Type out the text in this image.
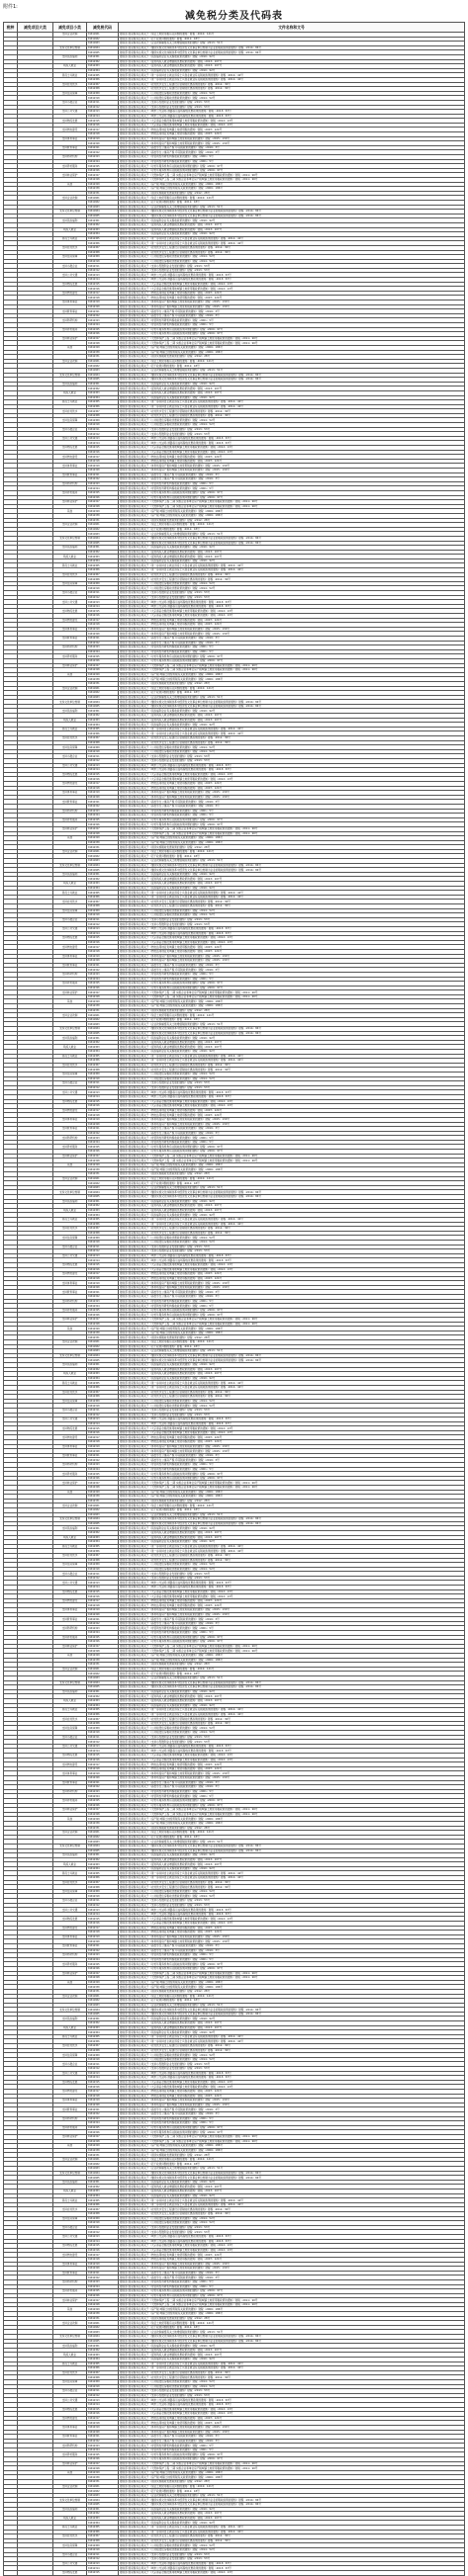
附件1:
减免税分类及代码表
税种	减免项目大类	减免项目小类	减免税代码	文件名称和文号
		支持企业改制	01011601	财政部 国家税务总局关于《免征土地使用税有关问题的通知》财税〔2010〕121号
			01011602	财政部 国家税务总局关于《若干政策问题的通知》财税〔2011〕43号
			01011603	财政部 国家税务总局关于《企业改制重组有关土地增值税政策的通知》财税〔2013〕51号
		支持文化单位转制	01011604	财政部 国家税务总局关于《继续实施文化体制改革中经营性文化事业单位转制为企业的税收政策的通知》财税〔2014〕84号
			01011605	财政部 国家税务总局关于《继续实施文化体制改革中经营性文化事业单位转制为企业的税收政策的通知》财税〔2014〕84号
		支持民政福利	01012301	财政部 国家税务总局关于《民政福利企业有关税收政策的通知》财税〔2010〕92号
			01012302	财政部 国家税务总局关于《促进残疾人就业增值税优惠政策的通知》财税〔2013〕107号
		残疾人就业	01012303	财政部 国家税务总局关于《促进残疾人就业增值税优惠政策的通知》财税〔2013〕107号
			01012304	财政部 国家税务总局关于《民政福利企业有关税收政策的通知》财税〔2010〕92号
		退役士兵就业	01012305	财政部 国家税务总局关于《进一步扶持自主就业退役士兵创业就业有关税收政策的通知》财税〔2014〕42号
			01012306	财政部 国家税务总局关于《进一步扶持自主就业退役士兵创业就业有关税收政策的通知》财税〔2014〕42号
		支持农村饮水	01012307	财政部 国家税务总局关于《农村饮水安全工程建设运营税收优惠政策的通知》财税〔2012〕30号
			01012308	财政部 国家税务总局关于《农村饮水安全工程建设运营税收优惠政策的通知》财税〔2012〕30号
		支持住房保障	01012309	财政部 国家税务总局关于《公共租赁住房税收优惠政策的通知》财税〔2014〕52号
			01012310	财政部 国家税务总局关于《公共租赁住房税收优惠政策的通知》财税〔2014〕52号
		支持小微企业	01012311	财政部 国家税务总局关于《支持小型微利企业发展的通知》财税〔2013〕53号
			01012312	财政部 国家税务总局关于《支持小型微利企业发展的通知》财税〔2013〕53号
		支持公共交通	01012313	财政部 国家税务总局关于《城市公交站场 道路客运站场税收优惠政策的通知》财税〔2013〕67号
			01012314	财政部 国家税务总局关于《城市公交站场 道路客运站场税收优惠政策的通知》财税〔2013〕67号
		支持物流发展	01012315	财政部 国家税务总局关于《大宗商品仓储设施用地城镇土地使用税政策的通知》财税〔2012〕13号
			01012316	财政部 国家税务总局关于《大宗商品仓储设施用地城镇土地使用税政策的通知》财税〔2012〕13号
		支持核电建设	01012317	财政部 国家税务总局关于《核电站用地征免城镇土地使用税的通知》财税〔2007〕124号
			01012318	财政部 国家税务总局关于《核电站用地征免城镇土地使用税的通知》财税〔2007〕124号
		支持体育事业	01012319	财政部 国家税务总局关于《体育场馆房产税和城镇土地使用税政策的通知》财税〔2015〕130号
			01012320	财政部 国家税务总局关于《体育场馆房产税和城镇土地使用税政策的通知》财税〔2015〕130号
		支持教育事业	01012321	财政部 国家税务总局关于《高校学生公寓房产税 印花税政策的通知》财税〔2016〕3号
			01012322	财政部 国家税务总局关于《高校学生公寓房产税 印花税政策的通知》财税〔2016〕3号
		支持科研机构	01012323	财政部 国家税务总局关于《非营利性科研机构税收政策的通知》财税〔2001〕5号
			01012324	财政部 国家税务总局关于《非营利性科研机构税收政策的通知》财税〔2001〕5号
		支持养老服务	01012325	财政部 国家税务总局关于《对老年服务机构有关税收政策问题的通知》财税〔2000〕97号
			01012326	财政部 国家税务总局关于《对老年服务机构有关税收政策问题的通知》财税〔2000〕97号
		支持林业保护	01012327	财政部 国家税务总局关于《天然林保护工程 二期 实施企业和单位房产税城镇土地使用税政策的通知》财税〔2011〕90号
			01012328	财政部 国家税务总局关于《天然林保护工程 二期 实施企业和单位房产税城镇土地使用税政策的通知》财税〔2011〕90号
		其他	01012329	财政部 国家税务总局关于《房产税 城镇土地使用税有关政策的通知》财税〔2006〕186号
			01012330	财政部 国家税务总局关于《房产税 城镇土地使用税有关政策的通知》财税〔2006〕186号
			01012331	财政部 国家税务总局关于《延续实施税收优惠政策的通知》财税〔2012〕28号
		支持企业改制	01011601	财政部 国家税务总局关于《免征土地使用税有关问题的通知》财税〔2010〕121号
			01011602	财政部 国家税务总局关于《若干政策问题的通知》财税〔2011〕43号
			01011603	财政部 国家税务总局关于《企业改制重组有关土地增值税政策的通知》财税〔2013〕51号
		支持文化单位转制	01011604	财政部 国家税务总局关于《继续实施文化体制改革中经营性文化事业单位转制为企业的税收政策的通知》财税〔2014〕84号
			01011605	财政部 国家税务总局关于《继续实施文化体制改革中经营性文化事业单位转制为企业的税收政策的通知》财税〔2014〕84号
		支持民政福利	01012301	财政部 国家税务总局关于《民政福利企业有关税收政策的通知》财税〔2010〕92号
			01012302	财政部 国家税务总局关于《促进残疾人就业增值税优惠政策的通知》财税〔2013〕107号
		残疾人就业	01012303	财政部 国家税务总局关于《促进残疾人就业增值税优惠政策的通知》财税〔2013〕107号
			01012304	财政部 国家税务总局关于《民政福利企业有关税收政策的通知》财税〔2010〕92号
		退役士兵就业	01012305	财政部 国家税务总局关于《进一步扶持自主就业退役士兵创业就业有关税收政策的通知》财税〔2014〕42号
			01012306	财政部 国家税务总局关于《进一步扶持自主就业退役士兵创业就业有关税收政策的通知》财税〔2014〕42号
		支持农村饮水	01012307	财政部 国家税务总局关于《农村饮水安全工程建设运营税收优惠政策的通知》财税〔2012〕30号
			01012308	财政部 国家税务总局关于《农村饮水安全工程建设运营税收优惠政策的通知》财税〔2012〕30号
		支持住房保障	01012309	财政部 国家税务总局关于《公共租赁住房税收优惠政策的通知》财税〔2014〕52号
			01012310	财政部 国家税务总局关于《公共租赁住房税收优惠政策的通知》财税〔2014〕52号
		支持小微企业	01012311	财政部 国家税务总局关于《支持小型微利企业发展的通知》财税〔2013〕53号
			01012312	财政部 国家税务总局关于《支持小型微利企业发展的通知》财税〔2013〕53号
		支持公共交通	01012313	财政部 国家税务总局关于《城市公交站场 道路客运站场税收优惠政策的通知》财税〔2013〕67号
			01012314	财政部 国家税务总局关于《城市公交站场 道路客运站场税收优惠政策的通知》财税〔2013〕67号
		支持物流发展	01012315	财政部 国家税务总局关于《大宗商品仓储设施用地城镇土地使用税政策的通知》财税〔2012〕13号
			01012316	财政部 国家税务总局关于《大宗商品仓储设施用地城镇土地使用税政策的通知》财税〔2012〕13号
		支持核电建设	01012317	财政部 国家税务总局关于《核电站用地征免城镇土地使用税的通知》财税〔2007〕124号
			01012318	财政部 国家税务总局关于《核电站用地征免城镇土地使用税的通知》财税〔2007〕124号
		支持体育事业	01012319	财政部 国家税务总局关于《体育场馆房产税和城镇土地使用税政策的通知》财税〔2015〕130号
			01012320	财政部 国家税务总局关于《体育场馆房产税和城镇土地使用税政策的通知》财税〔2015〕130号
		支持教育事业	01012321	财政部 国家税务总局关于《高校学生公寓房产税 印花税政策的通知》财税〔2016〕3号
			01012322	财政部 国家税务总局关于《高校学生公寓房产税 印花税政策的通知》财税〔2016〕3号
		支持科研机构	01012323	财政部 国家税务总局关于《非营利性科研机构税收政策的通知》财税〔2001〕5号
			01012324	财政部 国家税务总局关于《非营利性科研机构税收政策的通知》财税〔2001〕5号
		支持养老服务	01012325	财政部 国家税务总局关于《对老年服务机构有关税收政策问题的通知》财税〔2000〕97号
			01012326	财政部 国家税务总局关于《对老年服务机构有关税收政策问题的通知》财税〔2000〕97号
		支持林业保护	01012327	财政部 国家税务总局关于《天然林保护工程 二期 实施企业和单位房产税城镇土地使用税政策的通知》财税〔2011〕90号
			01012328	财政部 国家税务总局关于《天然林保护工程 二期 实施企业和单位房产税城镇土地使用税政策的通知》财税〔2011〕90号
		其他	01012329	财政部 国家税务总局关于《房产税 城镇土地使用税有关政策的通知》财税〔2006〕186号
			01012330	财政部 国家税务总局关于《房产税 城镇土地使用税有关政策的通知》财税〔2006〕186号
			01012331	财政部 国家税务总局关于《延续实施税收优惠政策的通知》财税〔2012〕28号
		支持企业改制	01011601	财政部 国家税务总局关于《免征土地使用税有关问题的通知》财税〔2010〕121号
			01011602	财政部 国家税务总局关于《若干政策问题的通知》财税〔2011〕43号
			01011603	财政部 国家税务总局关于《企业改制重组有关土地增值税政策的通知》财税〔2013〕51号
		支持文化单位转制	01011604	财政部 国家税务总局关于《继续实施文化体制改革中经营性文化事业单位转制为企业的税收政策的通知》财税〔2014〕84号
			01011605	财政部 国家税务总局关于《继续实施文化体制改革中经营性文化事业单位转制为企业的税收政策的通知》财税〔2014〕84号
		支持民政福利	01012301	财政部 国家税务总局关于《民政福利企业有关税收政策的通知》财税〔2010〕92号
			01012302	财政部 国家税务总局关于《促进残疾人就业增值税优惠政策的通知》财税〔2013〕107号
		残疾人就业	01012303	财政部 国家税务总局关于《促进残疾人就业增值税优惠政策的通知》财税〔2013〕107号
			01012304	财政部 国家税务总局关于《民政福利企业有关税收政策的通知》财税〔2010〕92号
		退役士兵就业	01012305	财政部 国家税务总局关于《进一步扶持自主就业退役士兵创业就业有关税收政策的通知》财税〔2014〕42号
			01012306	财政部 国家税务总局关于《进一步扶持自主就业退役士兵创业就业有关税收政策的通知》财税〔2014〕42号
		支持农村饮水	01012307	财政部 国家税务总局关于《农村饮水安全工程建设运营税收优惠政策的通知》财税〔2012〕30号
			01012308	财政部 国家税务总局关于《农村饮水安全工程建设运营税收优惠政策的通知》财税〔2012〕30号
		支持住房保障	01012309	财政部 国家税务总局关于《公共租赁住房税收优惠政策的通知》财税〔2014〕52号
			01012310	财政部 国家税务总局关于《公共租赁住房税收优惠政策的通知》财税〔2014〕52号
		支持小微企业	01012311	财政部 国家税务总局关于《支持小型微利企业发展的通知》财税〔2013〕53号
			01012312	财政部 国家税务总局关于《支持小型微利企业发展的通知》财税〔2013〕53号
		支持公共交通	01012313	财政部 国家税务总局关于《城市公交站场 道路客运站场税收优惠政策的通知》财税〔2013〕67号
			01012314	财政部 国家税务总局关于《城市公交站场 道路客运站场税收优惠政策的通知》财税〔2013〕67号
		支持物流发展	01012315	财政部 国家税务总局关于《大宗商品仓储设施用地城镇土地使用税政策的通知》财税〔2012〕13号
			01012316	财政部 国家税务总局关于《大宗商品仓储设施用地城镇土地使用税政策的通知》财税〔2012〕13号
		支持核电建设	01012317	财政部 国家税务总局关于《核电站用地征免城镇土地使用税的通知》财税〔2007〕124号
			01012318	财政部 国家税务总局关于《核电站用地征免城镇土地使用税的通知》财税〔2007〕124号
		支持体育事业	01012319	财政部 国家税务总局关于《体育场馆房产税和城镇土地使用税政策的通知》财税〔2015〕130号
			01012320	财政部 国家税务总局关于《体育场馆房产税和城镇土地使用税政策的通知》财税〔2015〕130号
		支持教育事业	01012321	财政部 国家税务总局关于《高校学生公寓房产税 印花税政策的通知》财税〔2016〕3号
			01012322	财政部 国家税务总局关于《高校学生公寓房产税 印花税政策的通知》财税〔2016〕3号
		支持科研机构	01012323	财政部 国家税务总局关于《非营利性科研机构税收政策的通知》财税〔2001〕5号
			01012324	财政部 国家税务总局关于《非营利性科研机构税收政策的通知》财税〔2001〕5号
		支持养老服务	01012325	财政部 国家税务总局关于《对老年服务机构有关税收政策问题的通知》财税〔2000〕97号
			01012326	财政部 国家税务总局关于《对老年服务机构有关税收政策问题的通知》财税〔2000〕97号
		支持林业保护	01012327	财政部 国家税务总局关于《天然林保护工程 二期 实施企业和单位房产税城镇土地使用税政策的通知》财税〔2011〕90号
			01012328	财政部 国家税务总局关于《天然林保护工程 二期 实施企业和单位房产税城镇土地使用税政策的通知》财税〔2011〕90号
		其他	01012329	财政部 国家税务总局关于《房产税 城镇土地使用税有关政策的通知》财税〔2006〕186号
			01012330	财政部 国家税务总局关于《房产税 城镇土地使用税有关政策的通知》财税〔2006〕186号
			01012331	财政部 国家税务总局关于《延续实施税收优惠政策的通知》财税〔2012〕28号
		支持企业改制	01011601	财政部 国家税务总局关于《免征土地使用税有关问题的通知》财税〔2010〕121号
			01011602	财政部 国家税务总局关于《若干政策问题的通知》财税〔2011〕43号
			01011603	财政部 国家税务总局关于《企业改制重组有关土地增值税政策的通知》财税〔2013〕51号
		支持文化单位转制	01011604	财政部 国家税务总局关于《继续实施文化体制改革中经营性文化事业单位转制为企业的税收政策的通知》财税〔2014〕84号
			01011605	财政部 国家税务总局关于《继续实施文化体制改革中经营性文化事业单位转制为企业的税收政策的通知》财税〔2014〕84号
		支持民政福利	01012301	财政部 国家税务总局关于《民政福利企业有关税收政策的通知》财税〔2010〕92号
			01012302	财政部 国家税务总局关于《促进残疾人就业增值税优惠政策的通知》财税〔2013〕107号
		残疾人就业	01012303	财政部 国家税务总局关于《促进残疾人就业增值税优惠政策的通知》财税〔2013〕107号
			01012304	财政部 国家税务总局关于《民政福利企业有关税收政策的通知》财税〔2010〕92号
		退役士兵就业	01012305	财政部 国家税务总局关于《进一步扶持自主就业退役士兵创业就业有关税收政策的通知》财税〔2014〕42号
			01012306	财政部 国家税务总局关于《进一步扶持自主就业退役士兵创业就业有关税收政策的通知》财税〔2014〕42号
		支持农村饮水	01012307	财政部 国家税务总局关于《农村饮水安全工程建设运营税收优惠政策的通知》财税〔2012〕30号
			01012308	财政部 国家税务总局关于《农村饮水安全工程建设运营税收优惠政策的通知》财税〔2012〕30号
		支持住房保障	01012309	财政部 国家税务总局关于《公共租赁住房税收优惠政策的通知》财税〔2014〕52号
			01012310	财政部 国家税务总局关于《公共租赁住房税收优惠政策的通知》财税〔2014〕52号
		支持小微企业	01012311	财政部 国家税务总局关于《支持小型微利企业发展的通知》财税〔2013〕53号
			01012312	财政部 国家税务总局关于《支持小型微利企业发展的通知》财税〔2013〕53号
		支持公共交通	01012313	财政部 国家税务总局关于《城市公交站场 道路客运站场税收优惠政策的通知》财税〔2013〕67号
			01012314	财政部 国家税务总局关于《城市公交站场 道路客运站场税收优惠政策的通知》财税〔2013〕67号
		支持物流发展	01012315	财政部 国家税务总局关于《大宗商品仓储设施用地城镇土地使用税政策的通知》财税〔2012〕13号
			01012316	财政部 国家税务总局关于《大宗商品仓储设施用地城镇土地使用税政策的通知》财税〔2012〕13号
		支持核电建设	01012317	财政部 国家税务总局关于《核电站用地征免城镇土地使用税的通知》财税〔2007〕124号
			01012318	财政部 国家税务总局关于《核电站用地征免城镇土地使用税的通知》财税〔2007〕124号
		支持体育事业	01012319	财政部 国家税务总局关于《体育场馆房产税和城镇土地使用税政策的通知》财税〔2015〕130号
			01012320	财政部 国家税务总局关于《体育场馆房产税和城镇土地使用税政策的通知》财税〔2015〕130号
		支持教育事业	01012321	财政部 国家税务总局关于《高校学生公寓房产税 印花税政策的通知》财税〔2016〕3号
			01012322	财政部 国家税务总局关于《高校学生公寓房产税 印花税政策的通知》财税〔2016〕3号
		支持科研机构	01012323	财政部 国家税务总局关于《非营利性科研机构税收政策的通知》财税〔2001〕5号
			01012324	财政部 国家税务总局关于《非营利性科研机构税收政策的通知》财税〔2001〕5号
		支持养老服务	01012325	财政部 国家税务总局关于《对老年服务机构有关税收政策问题的通知》财税〔2000〕97号
			01012326	财政部 国家税务总局关于《对老年服务机构有关税收政策问题的通知》财税〔2000〕97号
		支持林业保护	01012327	财政部 国家税务总局关于《天然林保护工程 二期 实施企业和单位房产税城镇土地使用税政策的通知》财税〔2011〕90号
			01012328	财政部 国家税务总局关于《天然林保护工程 二期 实施企业和单位房产税城镇土地使用税政策的通知》财税〔2011〕90号
		其他	01012329	财政部 国家税务总局关于《房产税 城镇土地使用税有关政策的通知》财税〔2006〕186号
			01012330	财政部 国家税务总局关于《房产税 城镇土地使用税有关政策的通知》财税〔2006〕186号
			01012331	财政部 国家税务总局关于《延续实施税收优惠政策的通知》财税〔2012〕28号
		支持企业改制	01011601	财政部 国家税务总局关于《免征土地使用税有关问题的通知》财税〔2010〕121号
			01011602	财政部 国家税务总局关于《若干政策问题的通知》财税〔2011〕43号
			01011603	财政部 国家税务总局关于《企业改制重组有关土地增值税政策的通知》财税〔2013〕51号
		支持文化单位转制	01011604	财政部 国家税务总局关于《继续实施文化体制改革中经营性文化事业单位转制为企业的税收政策的通知》财税〔2014〕84号
			01011605	财政部 国家税务总局关于《继续实施文化体制改革中经营性文化事业单位转制为企业的税收政策的通知》财税〔2014〕84号
		支持民政福利	01012301	财政部 国家税务总局关于《民政福利企业有关税收政策的通知》财税〔2010〕92号
			01012302	财政部 国家税务总局关于《促进残疾人就业增值税优惠政策的通知》财税〔2013〕107号
		残疾人就业	01012303	财政部 国家税务总局关于《促进残疾人就业增值税优惠政策的通知》财税〔2013〕107号
			01012304	财政部 国家税务总局关于《民政福利企业有关税收政策的通知》财税〔2010〕92号
		退役士兵就业	01012305	财政部 国家税务总局关于《进一步扶持自主就业退役士兵创业就业有关税收政策的通知》财税〔2014〕42号
			01012306	财政部 国家税务总局关于《进一步扶持自主就业退役士兵创业就业有关税收政策的通知》财税〔2014〕42号
		支持农村饮水	01012307	财政部 国家税务总局关于《农村饮水安全工程建设运营税收优惠政策的通知》财税〔2012〕30号
			01012308	财政部 国家税务总局关于《农村饮水安全工程建设运营税收优惠政策的通知》财税〔2012〕30号
		支持住房保障	01012309	财政部 国家税务总局关于《公共租赁住房税收优惠政策的通知》财税〔2014〕52号
			01012310	财政部 国家税务总局关于《公共租赁住房税收优惠政策的通知》财税〔2014〕52号
		支持小微企业	01012311	财政部 国家税务总局关于《支持小型微利企业发展的通知》财税〔2013〕53号
			01012312	财政部 国家税务总局关于《支持小型微利企业发展的通知》财税〔2013〕53号
		支持公共交通	01012313	财政部 国家税务总局关于《城市公交站场 道路客运站场税收优惠政策的通知》财税〔2013〕67号
			01012314	财政部 国家税务总局关于《城市公交站场 道路客运站场税收优惠政策的通知》财税〔2013〕67号
		支持物流发展	01012315	财政部 国家税务总局关于《大宗商品仓储设施用地城镇土地使用税政策的通知》财税〔2012〕13号
			01012316	财政部 国家税务总局关于《大宗商品仓储设施用地城镇土地使用税政策的通知》财税〔2012〕13号
		支持核电建设	01012317	财政部 国家税务总局关于《核电站用地征免城镇土地使用税的通知》财税〔2007〕124号
			01012318	财政部 国家税务总局关于《核电站用地征免城镇土地使用税的通知》财税〔2007〕124号
		支持体育事业	01012319	财政部 国家税务总局关于《体育场馆房产税和城镇土地使用税政策的通知》财税〔2015〕130号
			01012320	财政部 国家税务总局关于《体育场馆房产税和城镇土地使用税政策的通知》财税〔2015〕130号
		支持教育事业	01012321	财政部 国家税务总局关于《高校学生公寓房产税 印花税政策的通知》财税〔2016〕3号
			01012322	财政部 国家税务总局关于《高校学生公寓房产税 印花税政策的通知》财税〔2016〕3号
		支持科研机构	01012323	财政部 国家税务总局关于《非营利性科研机构税收政策的通知》财税〔2001〕5号
			01012324	财政部 国家税务总局关于《非营利性科研机构税收政策的通知》财税〔2001〕5号
		支持养老服务	01012325	财政部 国家税务总局关于《对老年服务机构有关税收政策问题的通知》财税〔2000〕97号
			01012326	财政部 国家税务总局关于《对老年服务机构有关税收政策问题的通知》财税〔2000〕97号
		支持林业保护	01012327	财政部 国家税务总局关于《天然林保护工程 二期 实施企业和单位房产税城镇土地使用税政策的通知》财税〔2011〕90号
			01012328	财政部 国家税务总局关于《天然林保护工程 二期 实施企业和单位房产税城镇土地使用税政策的通知》财税〔2011〕90号
		其他	01012329	财政部 国家税务总局关于《房产税 城镇土地使用税有关政策的通知》财税〔2006〕186号
			01012330	财政部 国家税务总局关于《房产税 城镇土地使用税有关政策的通知》财税〔2006〕186号
			01012331	财政部 国家税务总局关于《延续实施税收优惠政策的通知》财税〔2012〕28号
		支持企业改制	01011601	财政部 国家税务总局关于《免征土地使用税有关问题的通知》财税〔2010〕121号
			01011602	财政部 国家税务总局关于《若干政策问题的通知》财税〔2011〕43号
			01011603	财政部 国家税务总局关于《企业改制重组有关土地增值税政策的通知》财税〔2013〕51号
		支持文化单位转制	01011604	财政部 国家税务总局关于《继续实施文化体制改革中经营性文化事业单位转制为企业的税收政策的通知》财税〔2014〕84号
			01011605	财政部 国家税务总局关于《继续实施文化体制改革中经营性文化事业单位转制为企业的税收政策的通知》财税〔2014〕84号
		支持民政福利	01012301	财政部 国家税务总局关于《民政福利企业有关税收政策的通知》财税〔2010〕92号
			01012302	财政部 国家税务总局关于《促进残疾人就业增值税优惠政策的通知》财税〔2013〕107号
		残疾人就业	01012303	财政部 国家税务总局关于《促进残疾人就业增值税优惠政策的通知》财税〔2013〕107号
			01012304	财政部 国家税务总局关于《民政福利企业有关税收政策的通知》财税〔2010〕92号
		退役士兵就业	01012305	财政部 国家税务总局关于《进一步扶持自主就业退役士兵创业就业有关税收政策的通知》财税〔2014〕42号
			01012306	财政部 国家税务总局关于《进一步扶持自主就业退役士兵创业就业有关税收政策的通知》财税〔2014〕42号
		支持农村饮水	01012307	财政部 国家税务总局关于《农村饮水安全工程建设运营税收优惠政策的通知》财税〔2012〕30号
			01012308	财政部 国家税务总局关于《农村饮水安全工程建设运营税收优惠政策的通知》财税〔2012〕30号
		支持住房保障	01012309	财政部 国家税务总局关于《公共租赁住房税收优惠政策的通知》财税〔2014〕52号
			01012310	财政部 国家税务总局关于《公共租赁住房税收优惠政策的通知》财税〔2014〕52号
		支持小微企业	01012311	财政部 国家税务总局关于《支持小型微利企业发展的通知》财税〔2013〕53号
			01012312	财政部 国家税务总局关于《支持小型微利企业发展的通知》财税〔2013〕53号
		支持公共交通	01012313	财政部 国家税务总局关于《城市公交站场 道路客运站场税收优惠政策的通知》财税〔2013〕67号
			01012314	财政部 国家税务总局关于《城市公交站场 道路客运站场税收优惠政策的通知》财税〔2013〕67号
		支持物流发展	01012315	财政部 国家税务总局关于《大宗商品仓储设施用地城镇土地使用税政策的通知》财税〔2012〕13号
			01012316	财政部 国家税务总局关于《大宗商品仓储设施用地城镇土地使用税政策的通知》财税〔2012〕13号
		支持核电建设	01012317	财政部 国家税务总局关于《核电站用地征免城镇土地使用税的通知》财税〔2007〕124号
			01012318	财政部 国家税务总局关于《核电站用地征免城镇土地使用税的通知》财税〔2007〕124号
		支持体育事业	01012319	财政部 国家税务总局关于《体育场馆房产税和城镇土地使用税政策的通知》财税〔2015〕130号
			01012320	财政部 国家税务总局关于《体育场馆房产税和城镇土地使用税政策的通知》财税〔2015〕130号
		支持教育事业	01012321	财政部 国家税务总局关于《高校学生公寓房产税 印花税政策的通知》财税〔2016〕3号
			01012322	财政部 国家税务总局关于《高校学生公寓房产税 印花税政策的通知》财税〔2016〕3号
		支持科研机构	01012323	财政部 国家税务总局关于《非营利性科研机构税收政策的通知》财税〔2001〕5号
			01012324	财政部 国家税务总局关于《非营利性科研机构税收政策的通知》财税〔2001〕5号
		支持养老服务	01012325	财政部 国家税务总局关于《对老年服务机构有关税收政策问题的通知》财税〔2000〕97号
			01012326	财政部 国家税务总局关于《对老年服务机构有关税收政策问题的通知》财税〔2000〕97号
		支持林业保护	01012327	财政部 国家税务总局关于《天然林保护工程 二期 实施企业和单位房产税城镇土地使用税政策的通知》财税〔2011〕90号
			01012328	财政部 国家税务总局关于《天然林保护工程 二期 实施企业和单位房产税城镇土地使用税政策的通知》财税〔2011〕90号
		其他	01012329	财政部 国家税务总局关于《房产税 城镇土地使用税有关政策的通知》财税〔2006〕186号
			01012330	财政部 国家税务总局关于《房产税 城镇土地使用税有关政策的通知》财税〔2006〕186号
			01012331	财政部 国家税务总局关于《延续实施税收优惠政策的通知》财税〔2012〕28号
		支持企业改制	01011601	财政部 国家税务总局关于《免征土地使用税有关问题的通知》财税〔2010〕121号
			01011602	财政部 国家税务总局关于《若干政策问题的通知》财税〔2011〕43号
			01011603	财政部 国家税务总局关于《企业改制重组有关土地增值税政策的通知》财税〔2013〕51号
		支持文化单位转制	01011604	财政部 国家税务总局关于《继续实施文化体制改革中经营性文化事业单位转制为企业的税收政策的通知》财税〔2014〕84号
			01011605	财政部 国家税务总局关于《继续实施文化体制改革中经营性文化事业单位转制为企业的税收政策的通知》财税〔2014〕84号
		支持民政福利	01012301	财政部 国家税务总局关于《民政福利企业有关税收政策的通知》财税〔2010〕92号
			01012302	财政部 国家税务总局关于《促进残疾人就业增值税优惠政策的通知》财税〔2013〕107号
		残疾人就业	01012303	财政部 国家税务总局关于《促进残疾人就业增值税优惠政策的通知》财税〔2013〕107号
			01012304	财政部 国家税务总局关于《民政福利企业有关税收政策的通知》财税〔2010〕92号
		退役士兵就业	01012305	财政部 国家税务总局关于《进一步扶持自主就业退役士兵创业就业有关税收政策的通知》财税〔2014〕42号
			01012306	财政部 国家税务总局关于《进一步扶持自主就业退役士兵创业就业有关税收政策的通知》财税〔2014〕42号
		支持农村饮水	01012307	财政部 国家税务总局关于《农村饮水安全工程建设运营税收优惠政策的通知》财税〔2012〕30号
			01012308	财政部 国家税务总局关于《农村饮水安全工程建设运营税收优惠政策的通知》财税〔2012〕30号
		支持住房保障	01012309	财政部 国家税务总局关于《公共租赁住房税收优惠政策的通知》财税〔2014〕52号
			01012310	财政部 国家税务总局关于《公共租赁住房税收优惠政策的通知》财税〔2014〕52号
		支持小微企业	01012311	财政部 国家税务总局关于《支持小型微利企业发展的通知》财税〔2013〕53号
			01012312	财政部 国家税务总局关于《支持小型微利企业发展的通知》财税〔2013〕53号
		支持公共交通	01012313	财政部 国家税务总局关于《城市公交站场 道路客运站场税收优惠政策的通知》财税〔2013〕67号
			01012314	财政部 国家税务总局关于《城市公交站场 道路客运站场税收优惠政策的通知》财税〔2013〕67号
		支持物流发展	01012315	财政部 国家税务总局关于《大宗商品仓储设施用地城镇土地使用税政策的通知》财税〔2012〕13号
			01012316	财政部 国家税务总局关于《大宗商品仓储设施用地城镇土地使用税政策的通知》财税〔2012〕13号
		支持核电建设	01012317	财政部 国家税务总局关于《核电站用地征免城镇土地使用税的通知》财税〔2007〕124号
			01012318	财政部 国家税务总局关于《核电站用地征免城镇土地使用税的通知》财税〔2007〕124号
		支持体育事业	01012319	财政部 国家税务总局关于《体育场馆房产税和城镇土地使用税政策的通知》财税〔2015〕130号
			01012320	财政部 国家税务总局关于《体育场馆房产税和城镇土地使用税政策的通知》财税〔2015〕130号
		支持教育事业	01012321	财政部 国家税务总局关于《高校学生公寓房产税 印花税政策的通知》财税〔2016〕3号
			01012322	财政部 国家税务总局关于《高校学生公寓房产税 印花税政策的通知》财税〔2016〕3号
		支持科研机构	01012323	财政部 国家税务总局关于《非营利性科研机构税收政策的通知》财税〔2001〕5号
			01012324	财政部 国家税务总局关于《非营利性科研机构税收政策的通知》财税〔2001〕5号
		支持养老服务	01012325	财政部 国家税务总局关于《对老年服务机构有关税收政策问题的通知》财税〔2000〕97号
			01012326	财政部 国家税务总局关于《对老年服务机构有关税收政策问题的通知》财税〔2000〕97号
		支持林业保护	01012327	财政部 国家税务总局关于《天然林保护工程 二期 实施企业和单位房产税城镇土地使用税政策的通知》财税〔2011〕90号
			01012328	财政部 国家税务总局关于《天然林保护工程 二期 实施企业和单位房产税城镇土地使用税政策的通知》财税〔2011〕90号
		其他	01012329	财政部 国家税务总局关于《房产税 城镇土地使用税有关政策的通知》财税〔2006〕186号
			01012330	财政部 国家税务总局关于《房产税 城镇土地使用税有关政策的通知》财税〔2006〕186号
			01012331	财政部 国家税务总局关于《延续实施税收优惠政策的通知》财税〔2012〕28号
		支持企业改制	01011601	财政部 国家税务总局关于《免征土地使用税有关问题的通知》财税〔2010〕121号
			01011602	财政部 国家税务总局关于《若干政策问题的通知》财税〔2011〕43号
			01011603	财政部 国家税务总局关于《企业改制重组有关土地增值税政策的通知》财税〔2013〕51号
		支持文化单位转制	01011604	财政部 国家税务总局关于《继续实施文化体制改革中经营性文化事业单位转制为企业的税收政策的通知》财税〔2014〕84号
			01011605	财政部 国家税务总局关于《继续实施文化体制改革中经营性文化事业单位转制为企业的税收政策的通知》财税〔2014〕84号
		支持民政福利	01012301	财政部 国家税务总局关于《民政福利企业有关税收政策的通知》财税〔2010〕92号
			01012302	财政部 国家税务总局关于《促进残疾人就业增值税优惠政策的通知》财税〔2013〕107号
		残疾人就业	01012303	财政部 国家税务总局关于《促进残疾人就业增值税优惠政策的通知》财税〔2013〕107号
			01012304	财政部 国家税务总局关于《民政福利企业有关税收政策的通知》财税〔2010〕92号
		退役士兵就业	01012305	财政部 国家税务总局关于《进一步扶持自主就业退役士兵创业就业有关税收政策的通知》财税〔2014〕42号
			01012306	财政部 国家税务总局关于《进一步扶持自主就业退役士兵创业就业有关税收政策的通知》财税〔2014〕42号
		支持农村饮水	01012307	财政部 国家税务总局关于《农村饮水安全工程建设运营税收优惠政策的通知》财税〔2012〕30号
			01012308	财政部 国家税务总局关于《农村饮水安全工程建设运营税收优惠政策的通知》财税〔2012〕30号
		支持住房保障	01012309	财政部 国家税务总局关于《公共租赁住房税收优惠政策的通知》财税〔2014〕52号
			01012310	财政部 国家税务总局关于《公共租赁住房税收优惠政策的通知》财税〔2014〕52号
		支持小微企业	01012311	财政部 国家税务总局关于《支持小型微利企业发展的通知》财税〔2013〕53号
			01012312	财政部 国家税务总局关于《支持小型微利企业发展的通知》财税〔2013〕53号
		支持公共交通	01012313	财政部 国家税务总局关于《城市公交站场 道路客运站场税收优惠政策的通知》财税〔2013〕67号
			01012314	财政部 国家税务总局关于《城市公交站场 道路客运站场税收优惠政策的通知》财税〔2013〕67号
		支持物流发展	01012315	财政部 国家税务总局关于《大宗商品仓储设施用地城镇土地使用税政策的通知》财税〔2012〕13号
			01012316	财政部 国家税务总局关于《大宗商品仓储设施用地城镇土地使用税政策的通知》财税〔2012〕13号
		支持核电建设	01012317	财政部 国家税务总局关于《核电站用地征免城镇土地使用税的通知》财税〔2007〕124号
			01012318	财政部 国家税务总局关于《核电站用地征免城镇土地使用税的通知》财税〔2007〕124号
		支持体育事业	01012319	财政部 国家税务总局关于《体育场馆房产税和城镇土地使用税政策的通知》财税〔2015〕130号
			01012320	财政部 国家税务总局关于《体育场馆房产税和城镇土地使用税政策的通知》财税〔2015〕130号
		支持教育事业	01012321	财政部 国家税务总局关于《高校学生公寓房产税 印花税政策的通知》财税〔2016〕3号
			01012322	财政部 国家税务总局关于《高校学生公寓房产税 印花税政策的通知》财税〔2016〕3号
		支持科研机构	01012323	财政部 国家税务总局关于《非营利性科研机构税收政策的通知》财税〔2001〕5号
			01012324	财政部 国家税务总局关于《非营利性科研机构税收政策的通知》财税〔2001〕5号
		支持养老服务	01012325	财政部 国家税务总局关于《对老年服务机构有关税收政策问题的通知》财税〔2000〕97号
			01012326	财政部 国家税务总局关于《对老年服务机构有关税收政策问题的通知》财税〔2000〕97号
		支持林业保护	01012327	财政部 国家税务总局关于《天然林保护工程 二期 实施企业和单位房产税城镇土地使用税政策的通知》财税〔2011〕90号
			01012328	财政部 国家税务总局关于《天然林保护工程 二期 实施企业和单位房产税城镇土地使用税政策的通知》财税〔2011〕90号
		其他	01012329	财政部 国家税务总局关于《房产税 城镇土地使用税有关政策的通知》财税〔2006〕186号
			01012330	财政部 国家税务总局关于《房产税 城镇土地使用税有关政策的通知》财税〔2006〕186号
			01012331	财政部 国家税务总局关于《延续实施税收优惠政策的通知》财税〔2012〕28号
		支持企业改制	01011601	财政部 国家税务总局关于《免征土地使用税有关问题的通知》财税〔2010〕121号
			01011602	财政部 国家税务总局关于《若干政策问题的通知》财税〔2011〕43号
			01011603	财政部 国家税务总局关于《企业改制重组有关土地增值税政策的通知》财税〔2013〕51号
		支持文化单位转制	01011604	财政部 国家税务总局关于《继续实施文化体制改革中经营性文化事业单位转制为企业的税收政策的通知》财税〔2014〕84号
			01011605	财政部 国家税务总局关于《继续实施文化体制改革中经营性文化事业单位转制为企业的税收政策的通知》财税〔2014〕84号
		支持民政福利	01012301	财政部 国家税务总局关于《民政福利企业有关税收政策的通知》财税〔2010〕92号
			01012302	财政部 国家税务总局关于《促进残疾人就业增值税优惠政策的通知》财税〔2013〕107号
		残疾人就业	01012303	财政部 国家税务总局关于《促进残疾人就业增值税优惠政策的通知》财税〔2013〕107号
			01012304	财政部 国家税务总局关于《民政福利企业有关税收政策的通知》财税〔2010〕92号
		退役士兵就业	01012305	财政部 国家税务总局关于《进一步扶持自主就业退役士兵创业就业有关税收政策的通知》财税〔2014〕42号
			01012306	财政部 国家税务总局关于《进一步扶持自主就业退役士兵创业就业有关税收政策的通知》财税〔2014〕42号
		支持农村饮水	01012307	财政部 国家税务总局关于《农村饮水安全工程建设运营税收优惠政策的通知》财税〔2012〕30号
			01012308	财政部 国家税务总局关于《农村饮水安全工程建设运营税收优惠政策的通知》财税〔2012〕30号
		支持住房保障	01012309	财政部 国家税务总局关于《公共租赁住房税收优惠政策的通知》财税〔2014〕52号
			01012310	财政部 国家税务总局关于《公共租赁住房税收优惠政策的通知》财税〔2014〕52号
		支持小微企业	01012311	财政部 国家税务总局关于《支持小型微利企业发展的通知》财税〔2013〕53号
			01012312	财政部 国家税务总局关于《支持小型微利企业发展的通知》财税〔2013〕53号
		支持公共交通	01012313	财政部 国家税务总局关于《城市公交站场 道路客运站场税收优惠政策的通知》财税〔2013〕67号
			01012314	财政部 国家税务总局关于《城市公交站场 道路客运站场税收优惠政策的通知》财税〔2013〕67号
		支持物流发展	01012315	财政部 国家税务总局关于《大宗商品仓储设施用地城镇土地使用税政策的通知》财税〔2012〕13号
			01012316	财政部 国家税务总局关于《大宗商品仓储设施用地城镇土地使用税政策的通知》财税〔2012〕13号
		支持核电建设	01012317	财政部 国家税务总局关于《核电站用地征免城镇土地使用税的通知》财税〔2007〕124号
			01012318	财政部 国家税务总局关于《核电站用地征免城镇土地使用税的通知》财税〔2007〕124号
		支持体育事业	01012319	财政部 国家税务总局关于《体育场馆房产税和城镇土地使用税政策的通知》财税〔2015〕130号
			01012320	财政部 国家税务总局关于《体育场馆房产税和城镇土地使用税政策的通知》财税〔2015〕130号
		支持教育事业	01012321	财政部 国家税务总局关于《高校学生公寓房产税 印花税政策的通知》财税〔2016〕3号
			01012322	财政部 国家税务总局关于《高校学生公寓房产税 印花税政策的通知》财税〔2016〕3号
		支持科研机构	01012323	财政部 国家税务总局关于《非营利性科研机构税收政策的通知》财税〔2001〕5号
			01012324	财政部 国家税务总局关于《非营利性科研机构税收政策的通知》财税〔2001〕5号
		支持养老服务	01012325	财政部 国家税务总局关于《对老年服务机构有关税收政策问题的通知》财税〔2000〕97号
			01012326	财政部 国家税务总局关于《对老年服务机构有关税收政策问题的通知》财税〔2000〕97号
		支持林业保护	01012327	财政部 国家税务总局关于《天然林保护工程 二期 实施企业和单位房产税城镇土地使用税政策的通知》财税〔2011〕90号
			01012328	财政部 国家税务总局关于《天然林保护工程 二期 实施企业和单位房产税城镇土地使用税政策的通知》财税〔2011〕90号
		其他	01012329	财政部 国家税务总局关于《房产税 城镇土地使用税有关政策的通知》财税〔2006〕186号
			01012330	财政部 国家税务总局关于《房产税 城镇土地使用税有关政策的通知》财税〔2006〕186号
			01012331	财政部 国家税务总局关于《延续实施税收优惠政策的通知》财税〔2012〕28号
		支持企业改制	01011601	财政部 国家税务总局关于《免征土地使用税有关问题的通知》财税〔2010〕121号
			01011602	财政部 国家税务总局关于《若干政策问题的通知》财税〔2011〕43号
			01011603	财政部 国家税务总局关于《企业改制重组有关土地增值税政策的通知》财税〔2013〕51号
		支持文化单位转制	01011604	财政部 国家税务总局关于《继续实施文化体制改革中经营性文化事业单位转制为企业的税收政策的通知》财税〔2014〕84号
			01011605	财政部 国家税务总局关于《继续实施文化体制改革中经营性文化事业单位转制为企业的税收政策的通知》财税〔2014〕84号
		支持民政福利	01012301	财政部 国家税务总局关于《民政福利企业有关税收政策的通知》财税〔2010〕92号
			01012302	财政部 国家税务总局关于《促进残疾人就业增值税优惠政策的通知》财税〔2013〕107号
		残疾人就业	01012303	财政部 国家税务总局关于《促进残疾人就业增值税优惠政策的通知》财税〔2013〕107号
			01012304	财政部 国家税务总局关于《民政福利企业有关税收政策的通知》财税〔2010〕92号
		退役士兵就业	01012305	财政部 国家税务总局关于《进一步扶持自主就业退役士兵创业就业有关税收政策的通知》财税〔2014〕42号
			01012306	财政部 国家税务总局关于《进一步扶持自主就业退役士兵创业就业有关税收政策的通知》财税〔2014〕42号
		支持农村饮水	01012307	财政部 国家税务总局关于《农村饮水安全工程建设运营税收优惠政策的通知》财税〔2012〕30号
			01012308	财政部 国家税务总局关于《农村饮水安全工程建设运营税收优惠政策的通知》财税〔2012〕30号
		支持住房保障	01012309	财政部 国家税务总局关于《公共租赁住房税收优惠政策的通知》财税〔2014〕52号
			01012310	财政部 国家税务总局关于《公共租赁住房税收优惠政策的通知》财税〔2014〕52号
		支持小微企业	01012311	财政部 国家税务总局关于《支持小型微利企业发展的通知》财税〔2013〕53号
			01012312	财政部 国家税务总局关于《支持小型微利企业发展的通知》财税〔2013〕53号
		支持公共交通	01012313	财政部 国家税务总局关于《城市公交站场 道路客运站场税收优惠政策的通知》财税〔2013〕67号
			01012314	财政部 国家税务总局关于《城市公交站场 道路客运站场税收优惠政策的通知》财税〔2013〕67号
		支持物流发展	01012315	财政部 国家税务总局关于《大宗商品仓储设施用地城镇土地使用税政策的通知》财税〔2012〕13号
			01012316	财政部 国家税务总局关于《大宗商品仓储设施用地城镇土地使用税政策的通知》财税〔2012〕13号
		支持核电建设	01012317	财政部 国家税务总局关于《核电站用地征免城镇土地使用税的通知》财税〔2007〕124号
			01012318	财政部 国家税务总局关于《核电站用地征免城镇土地使用税的通知》财税〔2007〕124号
		支持体育事业	01012319	财政部 国家税务总局关于《体育场馆房产税和城镇土地使用税政策的通知》财税〔2015〕130号
			01012320	财政部 国家税务总局关于《体育场馆房产税和城镇土地使用税政策的通知》财税〔2015〕130号
		支持教育事业	01012321	财政部 国家税务总局关于《高校学生公寓房产税 印花税政策的通知》财税〔2016〕3号
			01012322	财政部 国家税务总局关于《高校学生公寓房产税 印花税政策的通知》财税〔2016〕3号
		支持科研机构	01012323	财政部 国家税务总局关于《非营利性科研机构税收政策的通知》财税〔2001〕5号
			01012324	财政部 国家税务总局关于《非营利性科研机构税收政策的通知》财税〔2001〕5号
		支持养老服务	01012325	财政部 国家税务总局关于《对老年服务机构有关税收政策问题的通知》财税〔2000〕97号
			01012326	财政部 国家税务总局关于《对老年服务机构有关税收政策问题的通知》财税〔2000〕97号
		支持林业保护	01012327	财政部 国家税务总局关于《天然林保护工程 二期 实施企业和单位房产税城镇土地使用税政策的通知》财税〔2011〕90号
			01012328	财政部 国家税务总局关于《天然林保护工程 二期 实施企业和单位房产税城镇土地使用税政策的通知》财税〔2011〕90号
		其他	01012329	财政部 国家税务总局关于《房产税 城镇土地使用税有关政策的通知》财税〔2006〕186号
			01012330	财政部 国家税务总局关于《房产税 城镇土地使用税有关政策的通知》财税〔2006〕186号
			01012331	财政部 国家税务总局关于《延续实施税收优惠政策的通知》财税〔2012〕28号
		支持企业改制	01011601	财政部 国家税务总局关于《免征土地使用税有关问题的通知》财税〔2010〕121号
			01011602	财政部 国家税务总局关于《若干政策问题的通知》财税〔2011〕43号
			01011603	财政部 国家税务总局关于《企业改制重组有关土地增值税政策的通知》财税〔2013〕51号
		支持文化单位转制	01011604	财政部 国家税务总局关于《继续实施文化体制改革中经营性文化事业单位转制为企业的税收政策的通知》财税〔2014〕84号
			01011605	财政部 国家税务总局关于《继续实施文化体制改革中经营性文化事业单位转制为企业的税收政策的通知》财税〔2014〕84号
		支持民政福利	01012301	财政部 国家税务总局关于《民政福利企业有关税收政策的通知》财税〔2010〕92号
			01012302	财政部 国家税务总局关于《促进残疾人就业增值税优惠政策的通知》财税〔2013〕107号
		残疾人就业	01012303	财政部 国家税务总局关于《促进残疾人就业增值税优惠政策的通知》财税〔2013〕107号
			01012304	财政部 国家税务总局关于《民政福利企业有关税收政策的通知》财税〔2010〕92号
		退役士兵就业	01012305	财政部 国家税务总局关于《进一步扶持自主就业退役士兵创业就业有关税收政策的通知》财税〔2014〕42号
			01012306	财政部 国家税务总局关于《进一步扶持自主就业退役士兵创业就业有关税收政策的通知》财税〔2014〕42号
		支持农村饮水	01012307	财政部 国家税务总局关于《农村饮水安全工程建设运营税收优惠政策的通知》财税〔2012〕30号
			01012308	财政部 国家税务总局关于《农村饮水安全工程建设运营税收优惠政策的通知》财税〔2012〕30号
		支持住房保障	01012309	财政部 国家税务总局关于《公共租赁住房税收优惠政策的通知》财税〔2014〕52号
			01012310	财政部 国家税务总局关于《公共租赁住房税收优惠政策的通知》财税〔2014〕52号
		支持小微企业	01012311	财政部 国家税务总局关于《支持小型微利企业发展的通知》财税〔2013〕53号
			01012312	财政部 国家税务总局关于《支持小型微利企业发展的通知》财税〔2013〕53号
		支持公共交通	01012313	财政部 国家税务总局关于《城市公交站场 道路客运站场税收优惠政策的通知》财税〔2013〕67号
			01012314	财政部 国家税务总局关于《城市公交站场 道路客运站场税收优惠政策的通知》财税〔2013〕67号
		支持物流发展	01012315	财政部 国家税务总局关于《大宗商品仓储设施用地城镇土地使用税政策的通知》财税〔2012〕13号
			01012316	财政部 国家税务总局关于《大宗商品仓储设施用地城镇土地使用税政策的通知》财税〔2012〕13号
		支持核电建设	01012317	财政部 国家税务总局关于《核电站用地征免城镇土地使用税的通知》财税〔2007〕124号
			01012318	财政部 国家税务总局关于《核电站用地征免城镇土地使用税的通知》财税〔2007〕124号
		支持体育事业	01012319	财政部 国家税务总局关于《体育场馆房产税和城镇土地使用税政策的通知》财税〔2015〕130号
			01012320	财政部 国家税务总局关于《体育场馆房产税和城镇土地使用税政策的通知》财税〔2015〕130号
		支持教育事业	01012321	财政部 国家税务总局关于《高校学生公寓房产税 印花税政策的通知》财税〔2016〕3号
			01012322	财政部 国家税务总局关于《高校学生公寓房产税 印花税政策的通知》财税〔2016〕3号
		支持科研机构	01012323	财政部 国家税务总局关于《非营利性科研机构税收政策的通知》财税〔2001〕5号
			01012324	财政部 国家税务总局关于《非营利性科研机构税收政策的通知》财税〔2001〕5号
		支持养老服务	01012325	财政部 国家税务总局关于《对老年服务机构有关税收政策问题的通知》财税〔2000〕97号
			01012326	财政部 国家税务总局关于《对老年服务机构有关税收政策问题的通知》财税〔2000〕97号
		支持林业保护	01012327	财政部 国家税务总局关于《天然林保护工程 二期 实施企业和单位房产税城镇土地使用税政策的通知》财税〔2011〕90号
			01012328	财政部 国家税务总局关于《天然林保护工程 二期 实施企业和单位房产税城镇土地使用税政策的通知》财税〔2011〕90号
		其他	01012329	财政部 国家税务总局关于《房产税 城镇土地使用税有关政策的通知》财税〔2006〕186号
			01012330	财政部 国家税务总局关于《房产税 城镇土地使用税有关政策的通知》财税〔2006〕186号
			01012331	财政部 国家税务总局关于《延续实施税收优惠政策的通知》财税〔2012〕28号
		支持企业改制	01011601	财政部 国家税务总局关于《免征土地使用税有关问题的通知》财税〔2010〕121号
			01011602	财政部 国家税务总局关于《若干政策问题的通知》财税〔2011〕43号
			01011603	财政部 国家税务总局关于《企业改制重组有关土地增值税政策的通知》财税〔2013〕51号
		支持文化单位转制	01011604	财政部 国家税务总局关于《继续实施文化体制改革中经营性文化事业单位转制为企业的税收政策的通知》财税〔2014〕84号
			01011605	财政部 国家税务总局关于《继续实施文化体制改革中经营性文化事业单位转制为企业的税收政策的通知》财税〔2014〕84号
		支持民政福利	01012301	财政部 国家税务总局关于《民政福利企业有关税收政策的通知》财税〔2010〕92号
			01012302	财政部 国家税务总局关于《促进残疾人就业增值税优惠政策的通知》财税〔2013〕107号
		残疾人就业	01012303	财政部 国家税务总局关于《促进残疾人就业增值税优惠政策的通知》财税〔2013〕107号
			01012304	财政部 国家税务总局关于《民政福利企业有关税收政策的通知》财税〔2010〕92号
		退役士兵就业	01012305	财政部 国家税务总局关于《进一步扶持自主就业退役士兵创业就业有关税收政策的通知》财税〔2014〕42号
			01012306	财政部 国家税务总局关于《进一步扶持自主就业退役士兵创业就业有关税收政策的通知》财税〔2014〕42号
		支持农村饮水	01012307	财政部 国家税务总局关于《农村饮水安全工程建设运营税收优惠政策的通知》财税〔2012〕30号
			01012308	财政部 国家税务总局关于《农村饮水安全工程建设运营税收优惠政策的通知》财税〔2012〕30号
		支持住房保障	01012309	财政部 国家税务总局关于《公共租赁住房税收优惠政策的通知》财税〔2014〕52号
			01012310	财政部 国家税务总局关于《公共租赁住房税收优惠政策的通知》财税〔2014〕52号
		支持小微企业	01012311	财政部 国家税务总局关于《支持小型微利企业发展的通知》财税〔2013〕53号
			01012312	财政部 国家税务总局关于《支持小型微利企业发展的通知》财税〔2013〕53号
		支持公共交通	01012313	财政部 国家税务总局关于《城市公交站场 道路客运站场税收优惠政策的通知》财税〔2013〕67号
			01012314	财政部 国家税务总局关于《城市公交站场 道路客运站场税收优惠政策的通知》财税〔2013〕67号
		支持物流发展	01012315	财政部 国家税务总局关于《大宗商品仓储设施用地城镇土地使用税政策的通知》财税〔2012〕13号
			01012316	财政部 国家税务总局关于《大宗商品仓储设施用地城镇土地使用税政策的通知》财税〔2012〕13号
		支持核电建设	01012317	财政部 国家税务总局关于《核电站用地征免城镇土地使用税的通知》财税〔2007〕124号
			01012318	财政部 国家税务总局关于《核电站用地征免城镇土地使用税的通知》财税〔2007〕124号
		支持体育事业	01012319	财政部 国家税务总局关于《体育场馆房产税和城镇土地使用税政策的通知》财税〔2015〕130号
			01012320	财政部 国家税务总局关于《体育场馆房产税和城镇土地使用税政策的通知》财税〔2015〕130号
		支持教育事业	01012321	财政部 国家税务总局关于《高校学生公寓房产税 印花税政策的通知》财税〔2016〕3号
			01012322	财政部 国家税务总局关于《高校学生公寓房产税 印花税政策的通知》财税〔2016〕3号
		支持科研机构	01012323	财政部 国家税务总局关于《非营利性科研机构税收政策的通知》财税〔2001〕5号
			01012324	财政部 国家税务总局关于《非营利性科研机构税收政策的通知》财税〔2001〕5号
		支持养老服务	01012325	财政部 国家税务总局关于《对老年服务机构有关税收政策问题的通知》财税〔2000〕97号
			01012326	财政部 国家税务总局关于《对老年服务机构有关税收政策问题的通知》财税〔2000〕97号
		支持林业保护	01012327	财政部 国家税务总局关于《天然林保护工程 二期 实施企业和单位房产税城镇土地使用税政策的通知》财税〔2011〕90号
			01012328	财政部 国家税务总局关于《天然林保护工程 二期 实施企业和单位房产税城镇土地使用税政策的通知》财税〔2011〕90号
		其他	01012329	财政部 国家税务总局关于《房产税 城镇土地使用税有关政策的通知》财税〔2006〕186号
			01012330	财政部 国家税务总局关于《房产税 城镇土地使用税有关政策的通知》财税〔2006〕186号
			01012331	财政部 国家税务总局关于《延续实施税收优惠政策的通知》财税〔2012〕28号
		支持企业改制	01011601	财政部 国家税务总局关于《免征土地使用税有关问题的通知》财税〔2010〕121号
			01011602	财政部 国家税务总局关于《若干政策问题的通知》财税〔2011〕43号
			01011603	财政部 国家税务总局关于《企业改制重组有关土地增值税政策的通知》财税〔2013〕51号
		支持文化单位转制	01011604	财政部 国家税务总局关于《继续实施文化体制改革中经营性文化事业单位转制为企业的税收政策的通知》财税〔2014〕84号
			01011605	财政部 国家税务总局关于《继续实施文化体制改革中经营性文化事业单位转制为企业的税收政策的通知》财税〔2014〕84号
		支持民政福利	01012301	财政部 国家税务总局关于《民政福利企业有关税收政策的通知》财税〔2010〕92号
			01012302	财政部 国家税务总局关于《促进残疾人就业增值税优惠政策的通知》财税〔2013〕107号
		残疾人就业	01012303	财政部 国家税务总局关于《促进残疾人就业增值税优惠政策的通知》财税〔2013〕107号
			01012304	财政部 国家税务总局关于《民政福利企业有关税收政策的通知》财税〔2010〕92号
		退役士兵就业	01012305	财政部 国家税务总局关于《进一步扶持自主就业退役士兵创业就业有关税收政策的通知》财税〔2014〕42号
			01012306	财政部 国家税务总局关于《进一步扶持自主就业退役士兵创业就业有关税收政策的通知》财税〔2014〕42号
		支持农村饮水	01012307	财政部 国家税务总局关于《农村饮水安全工程建设运营税收优惠政策的通知》财税〔2012〕30号
			01012308	财政部 国家税务总局关于《农村饮水安全工程建设运营税收优惠政策的通知》财税〔2012〕30号
		支持住房保障	01012309	财政部 国家税务总局关于《公共租赁住房税收优惠政策的通知》财税〔2014〕52号
			01012310	财政部 国家税务总局关于《公共租赁住房税收优惠政策的通知》财税〔2014〕52号
		支持小微企业	01012311	财政部 国家税务总局关于《支持小型微利企业发展的通知》财税〔2013〕53号
			01012312	财政部 国家税务总局关于《支持小型微利企业发展的通知》财税〔2013〕53号
		支持公共交通	01012313	财政部 国家税务总局关于《城市公交站场 道路客运站场税收优惠政策的通知》财税〔2013〕67号
			01012314	财政部 国家税务总局关于《城市公交站场 道路客运站场税收优惠政策的通知》财税〔2013〕67号
		支持物流发展	01012315	财政部 国家税务总局关于《大宗商品仓储设施用地城镇土地使用税政策的通知》财税〔2012〕13号
			01012316	财政部 国家税务总局关于《大宗商品仓储设施用地城镇土地使用税政策的通知》财税〔2012〕13号
		支持核电建设	01012317	财政部 国家税务总局关于《核电站用地征免城镇土地使用税的通知》财税〔2007〕124号
			01012318	财政部 国家税务总局关于《核电站用地征免城镇土地使用税的通知》财税〔2007〕124号
		支持体育事业	01012319	财政部 国家税务总局关于《体育场馆房产税和城镇土地使用税政策的通知》财税〔2015〕130号
			01012320	财政部 国家税务总局关于《体育场馆房产税和城镇土地使用税政策的通知》财税〔2015〕130号
		支持教育事业	01012321	财政部 国家税务总局关于《高校学生公寓房产税 印花税政策的通知》财税〔2016〕3号
			01012322	财政部 国家税务总局关于《高校学生公寓房产税 印花税政策的通知》财税〔2016〕3号
		支持科研机构	01012323	财政部 国家税务总局关于《非营利性科研机构税收政策的通知》财税〔2001〕5号
			01012324	财政部 国家税务总局关于《非营利性科研机构税收政策的通知》财税〔2001〕5号
		支持养老服务	01012325	财政部 国家税务总局关于《对老年服务机构有关税收政策问题的通知》财税〔2000〕97号
			01012326	财政部 国家税务总局关于《对老年服务机构有关税收政策问题的通知》财税〔2000〕97号
		支持林业保护	01012327	财政部 国家税务总局关于《天然林保护工程 二期 实施企业和单位房产税城镇土地使用税政策的通知》财税〔2011〕90号
			01012328	财政部 国家税务总局关于《天然林保护工程 二期 实施企业和单位房产税城镇土地使用税政策的通知》财税〔2011〕90号
		其他	01012329	财政部 国家税务总局关于《房产税 城镇土地使用税有关政策的通知》财税〔2006〕186号
			01012330	财政部 国家税务总局关于《房产税 城镇土地使用税有关政策的通知》财税〔2006〕186号
			01012331	财政部 国家税务总局关于《延续实施税收优惠政策的通知》财税〔2012〕28号
		支持企业改制	01011601	财政部 国家税务总局关于《免征土地使用税有关问题的通知》财税〔2010〕121号
			01011602	财政部 国家税务总局关于《若干政策问题的通知》财税〔2011〕43号
			01011603	财政部 国家税务总局关于《企业改制重组有关土地增值税政策的通知》财税〔2013〕51号
		支持文化单位转制	01011604	财政部 国家税务总局关于《继续实施文化体制改革中经营性文化事业单位转制为企业的税收政策的通知》财税〔2014〕84号
			01011605	财政部 国家税务总局关于《继续实施文化体制改革中经营性文化事业单位转制为企业的税收政策的通知》财税〔2014〕84号
		支持民政福利	01012301	财政部 国家税务总局关于《民政福利企业有关税收政策的通知》财税〔2010〕92号
			01012302	财政部 国家税务总局关于《促进残疾人就业增值税优惠政策的通知》财税〔2013〕107号
		残疾人就业	01012303	财政部 国家税务总局关于《促进残疾人就业增值税优惠政策的通知》财税〔2013〕107号
			01012304	财政部 国家税务总局关于《民政福利企业有关税收政策的通知》财税〔2010〕92号
		退役士兵就业	01012305	财政部 国家税务总局关于《进一步扶持自主就业退役士兵创业就业有关税收政策的通知》财税〔2014〕42号
			01012306	财政部 国家税务总局关于《进一步扶持自主就业退役士兵创业就业有关税收政策的通知》财税〔2014〕42号
		支持农村饮水	01012307	财政部 国家税务总局关于《农村饮水安全工程建设运营税收优惠政策的通知》财税〔2012〕30号
			01012308	财政部 国家税务总局关于《农村饮水安全工程建设运营税收优惠政策的通知》财税〔2012〕30号
		支持住房保障	01012309	财政部 国家税务总局关于《公共租赁住房税收优惠政策的通知》财税〔2014〕52号
			01012310	财政部 国家税务总局关于《公共租赁住房税收优惠政策的通知》财税〔2014〕52号
		支持小微企业	01012311	财政部 国家税务总局关于《支持小型微利企业发展的通知》财税〔2013〕53号
			01012312	财政部 国家税务总局关于《支持小型微利企业发展的通知》财税〔2013〕53号
		支持公共交通	01012313	财政部 国家税务总局关于《城市公交站场 道路客运站场税收优惠政策的通知》财税〔2013〕67号
			01012314	财政部 国家税务总局关于《城市公交站场 道路客运站场税收优惠政策的通知》财税〔2013〕67号
		支持物流发展	01012315	财政部 国家税务总局关于《大宗商品仓储设施用地城镇土地使用税政策的通知》财税〔2012〕13号
			01012316	财政部 国家税务总局关于《大宗商品仓储设施用地城镇土地使用税政策的通知》财税〔2012〕13号
		支持核电建设	01012317	财政部 国家税务总局关于《核电站用地征免城镇土地使用税的通知》财税〔2007〕124号
			01012318	财政部 国家税务总局关于《核电站用地征免城镇土地使用税的通知》财税〔2007〕124号
		支持体育事业	01012319	财政部 国家税务总局关于《体育场馆房产税和城镇土地使用税政策的通知》财税〔2015〕130号
			01012320	财政部 国家税务总局关于《体育场馆房产税和城镇土地使用税政策的通知》财税〔2015〕130号
		支持教育事业	01012321	财政部 国家税务总局关于《高校学生公寓房产税 印花税政策的通知》财税〔2016〕3号
			01012322	财政部 国家税务总局关于《高校学生公寓房产税 印花税政策的通知》财税〔2016〕3号
		支持科研机构	01012323	财政部 国家税务总局关于《非营利性科研机构税收政策的通知》财税〔2001〕5号
			01012324	财政部 国家税务总局关于《非营利性科研机构税收政策的通知》财税〔2001〕5号
		支持养老服务	01012325	财政部 国家税务总局关于《对老年服务机构有关税收政策问题的通知》财税〔2000〕97号
			01012326	财政部 国家税务总局关于《对老年服务机构有关税收政策问题的通知》财税〔2000〕97号
		支持林业保护	01012327	财政部 国家税务总局关于《天然林保护工程 二期 实施企业和单位房产税城镇土地使用税政策的通知》财税〔2011〕90号
			01012328	财政部 国家税务总局关于《天然林保护工程 二期 实施企业和单位房产税城镇土地使用税政策的通知》财税〔2011〕90号
		其他	01012329	财政部 国家税务总局关于《房产税 城镇土地使用税有关政策的通知》财税〔2006〕186号
			01012330	财政部 国家税务总局关于《房产税 城镇土地使用税有关政策的通知》财税〔2006〕186号
			01012331	财政部 国家税务总局关于《延续实施税收优惠政策的通知》财税〔2012〕28号
		支持企业改制	01011601	财政部 国家税务总局关于《免征土地使用税有关问题的通知》财税〔2010〕121号
			01011602	财政部 国家税务总局关于《若干政策问题的通知》财税〔2011〕43号
			01011603	财政部 国家税务总局关于《企业改制重组有关土地增值税政策的通知》财税〔2013〕51号
		支持文化单位转制	01011604	财政部 国家税务总局关于《继续实施文化体制改革中经营性文化事业单位转制为企业的税收政策的通知》财税〔2014〕84号
			01011605	财政部 国家税务总局关于《继续实施文化体制改革中经营性文化事业单位转制为企业的税收政策的通知》财税〔2014〕84号
		支持民政福利	01012301	财政部 国家税务总局关于《民政福利企业有关税收政策的通知》财税〔2010〕92号
			01012302	财政部 国家税务总局关于《促进残疾人就业增值税优惠政策的通知》财税〔2013〕107号
		残疾人就业	01012303	财政部 国家税务总局关于《促进残疾人就业增值税优惠政策的通知》财税〔2013〕107号
			01012304	财政部 国家税务总局关于《民政福利企业有关税收政策的通知》财税〔2010〕92号
		退役士兵就业	01012305	财政部 国家税务总局关于《进一步扶持自主就业退役士兵创业就业有关税收政策的通知》财税〔2014〕42号
			01012306	财政部 国家税务总局关于《进一步扶持自主就业退役士兵创业就业有关税收政策的通知》财税〔2014〕42号
		支持农村饮水	01012307	财政部 国家税务总局关于《农村饮水安全工程建设运营税收优惠政策的通知》财税〔2012〕30号
			01012308	财政部 国家税务总局关于《农村饮水安全工程建设运营税收优惠政策的通知》财税〔2012〕30号
		支持住房保障	01012309	财政部 国家税务总局关于《公共租赁住房税收优惠政策的通知》财税〔2014〕52号
			01012310	财政部 国家税务总局关于《公共租赁住房税收优惠政策的通知》财税〔2014〕52号
		支持小微企业	01012311	财政部 国家税务总局关于《支持小型微利企业发展的通知》财税〔2013〕53号
			01012312	财政部 国家税务总局关于《支持小型微利企业发展的通知》财税〔2013〕53号
		支持公共交通	01012313	财政部 国家税务总局关于《城市公交站场 道路客运站场税收优惠政策的通知》财税〔2013〕67号
			01012314	财政部 国家税务总局关于《城市公交站场 道路客运站场税收优惠政策的通知》财税〔2013〕67号
		支持物流发展	01012315	财政部 国家税务总局关于《大宗商品仓储设施用地城镇土地使用税政策的通知》财税〔2012〕13号
			01012316	财政部 国家税务总局关于《大宗商品仓储设施用地城镇土地使用税政策的通知》财税〔2012〕13号
		支持核电建设	01012317	财政部 国家税务总局关于《核电站用地征免城镇土地使用税的通知》财税〔2007〕124号
			01012318	财政部 国家税务总局关于《核电站用地征免城镇土地使用税的通知》财税〔2007〕124号
		支持体育事业	01012319	财政部 国家税务总局关于《体育场馆房产税和城镇土地使用税政策的通知》财税〔2015〕130号
			01012320	财政部 国家税务总局关于《体育场馆房产税和城镇土地使用税政策的通知》财税〔2015〕130号
		支持教育事业	01012321	财政部 国家税务总局关于《高校学生公寓房产税 印花税政策的通知》财税〔2016〕3号
			01012322	财政部 国家税务总局关于《高校学生公寓房产税 印花税政策的通知》财税〔2016〕3号
		支持科研机构	01012323	财政部 国家税务总局关于《非营利性科研机构税收政策的通知》财税〔2001〕5号
			01012324	财政部 国家税务总局关于《非营利性科研机构税收政策的通知》财税〔2001〕5号
		支持养老服务	01012325	财政部 国家税务总局关于《对老年服务机构有关税收政策问题的通知》财税〔2000〕97号
			01012326	财政部 国家税务总局关于《对老年服务机构有关税收政策问题的通知》财税〔2000〕97号
		支持林业保护	01012327	财政部 国家税务总局关于《天然林保护工程 二期 实施企业和单位房产税城镇土地使用税政策的通知》财税〔2011〕90号
			01012328	财政部 国家税务总局关于《天然林保护工程 二期 实施企业和单位房产税城镇土地使用税政策的通知》财税〔2011〕90号
		其他	01012329	财政部 国家税务总局关于《房产税 城镇土地使用税有关政策的通知》财税〔2006〕186号
			01012330	财政部 国家税务总局关于《房产税 城镇土地使用税有关政策的通知》财税〔2006〕186号
			01012331	财政部 国家税务总局关于《延续实施税收优惠政策的通知》财税〔2012〕28号
		支持企业改制	01011601	财政部 国家税务总局关于《免征土地使用税有关问题的通知》财税〔2010〕121号
			01011602	财政部 国家税务总局关于《若干政策问题的通知》财税〔2011〕43号
			01011603	财政部 国家税务总局关于《企业改制重组有关土地增值税政策的通知》财税〔2013〕51号
		支持文化单位转制	01011604	财政部 国家税务总局关于《继续实施文化体制改革中经营性文化事业单位转制为企业的税收政策的通知》财税〔2014〕84号
			01011605	财政部 国家税务总局关于《继续实施文化体制改革中经营性文化事业单位转制为企业的税收政策的通知》财税〔2014〕84号
		支持民政福利	01012301	财政部 国家税务总局关于《民政福利企业有关税收政策的通知》财税〔2010〕92号
			01012302	财政部 国家税务总局关于《促进残疾人就业增值税优惠政策的通知》财税〔2013〕107号
		残疾人就业	01012303	财政部 国家税务总局关于《促进残疾人就业增值税优惠政策的通知》财税〔2013〕107号
			01012304	财政部 国家税务总局关于《民政福利企业有关税收政策的通知》财税〔2010〕92号
		退役士兵就业	01012305	财政部 国家税务总局关于《进一步扶持自主就业退役士兵创业就业有关税收政策的通知》财税〔2014〕42号
			01012306	财政部 国家税务总局关于《进一步扶持自主就业退役士兵创业就业有关税收政策的通知》财税〔2014〕42号
		支持农村饮水	01012307	财政部 国家税务总局关于《农村饮水安全工程建设运营税收优惠政策的通知》财税〔2012〕30号
			01012308	财政部 国家税务总局关于《农村饮水安全工程建设运营税收优惠政策的通知》财税〔2012〕30号
		支持住房保障	01012309	财政部 国家税务总局关于《公共租赁住房税收优惠政策的通知》财税〔2014〕52号
			01012310	财政部 国家税务总局关于《公共租赁住房税收优惠政策的通知》财税〔2014〕52号
		支持小微企业	01012311	财政部 国家税务总局关于《支持小型微利企业发展的通知》财税〔2013〕53号
			01012312	财政部 国家税务总局关于《支持小型微利企业发展的通知》财税〔2013〕53号
		支持公共交通	01012313	财政部 国家税务总局关于《城市公交站场 道路客运站场税收优惠政策的通知》财税〔2013〕67号
			01012314	财政部 国家税务总局关于《城市公交站场 道路客运站场税收优惠政策的通知》财税〔2013〕67号
		支持物流发展	01012315	财政部 国家税务总局关于《大宗商品仓储设施用地城镇土地使用税政策的通知》财税〔2012〕13号
